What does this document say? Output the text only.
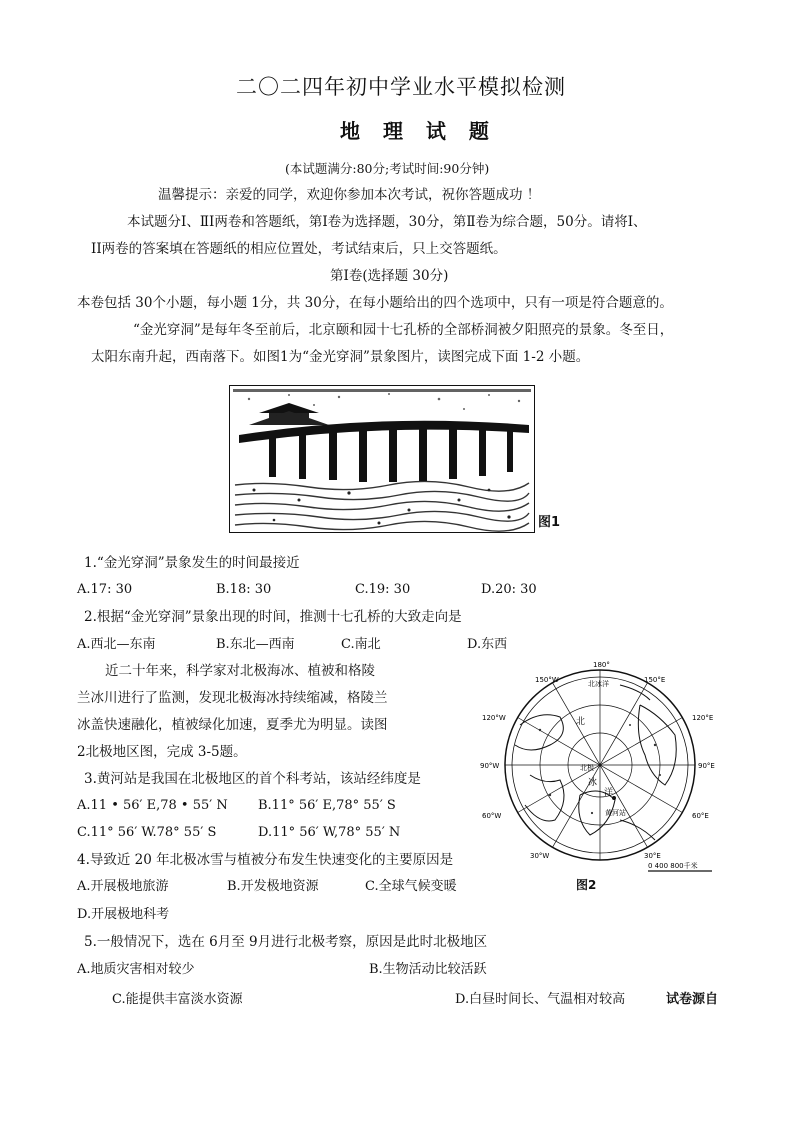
二〇二四年初中学业水平模拟检测
地 理 试 题
(本试题满分:80分;考试时间:90分钟)
温馨提示：亲爱的同学，欢迎你参加本次考试，祝你答题成功 ！
本试题分Ⅰ、ⅡⅠ两卷和答题纸，第Ⅰ卷为选择题，30分，第Ⅱ卷为综合题，50分。请将Ⅰ、
II两卷的答案填在答题纸的相应位置处，考试结束后，只上交答题纸。
第Ⅰ卷(选择题 30分)
本卷包括 30个小题，每小题 1分，共 30分，在每小题给出的四个选项中，只有一项是符合题意的。
“金光穿洞”是每年冬至前后，北京颐和园十七孔桥的全部桥洞被夕阳照亮的景象。冬至日，
太阳东南升起，西南落下。如图1为“金光穿洞”景象图片，读图完成下面 1-2 小题。
图1
1.“金光穿洞”景象发生的时间最接近
A.17: 30	B.18: 30	C.19: 30	D.20: 30
2.根据“金光穿洞”景象出现的时间，推测十七孔桥的大致走向是
A.西北—东南	B.东北—西南	C.南北	D.东西
近二十年来，科学家对北极海冰、植被和格陵
兰冰川进行了监测，发现北极海冰持续缩减，格陵兰
冰盖快速融化，植被绿化加速，夏季尤为明显。读图
2北极地区图，完成 3-5题。
180°
150°W	150°E
120°W	120°E
90°W	90°E
60°W	60°E
30°W	30°E
北冰洋
北
冰
洋
北极
黄河站
0 400 800千米
图2
3.黄河站是我国在北极地区的首个科考站，该站经纬度是
A.11 • 56′ E,78 • 55′ N B.11° 56′ E,78° 55′ S
C.11° 56′ W.78° 55′ S	D.11° 56′ W,78° 55′ N
4.导致近 20 年北极冰雪与植被分布发生快速变化的主要原因是
A.开展极地旅游	B.开发极地资源	C.全球气候变暖
D.开展极地科考
5.一般情况下，选在 6月至 9月进行北极考察，原因是此时北极地区
A.地质灾害相对较少	B.生物活动比较活跃
C.能提供丰富淡水资源	D.白昼时间长、气温相对较高	试卷源自
